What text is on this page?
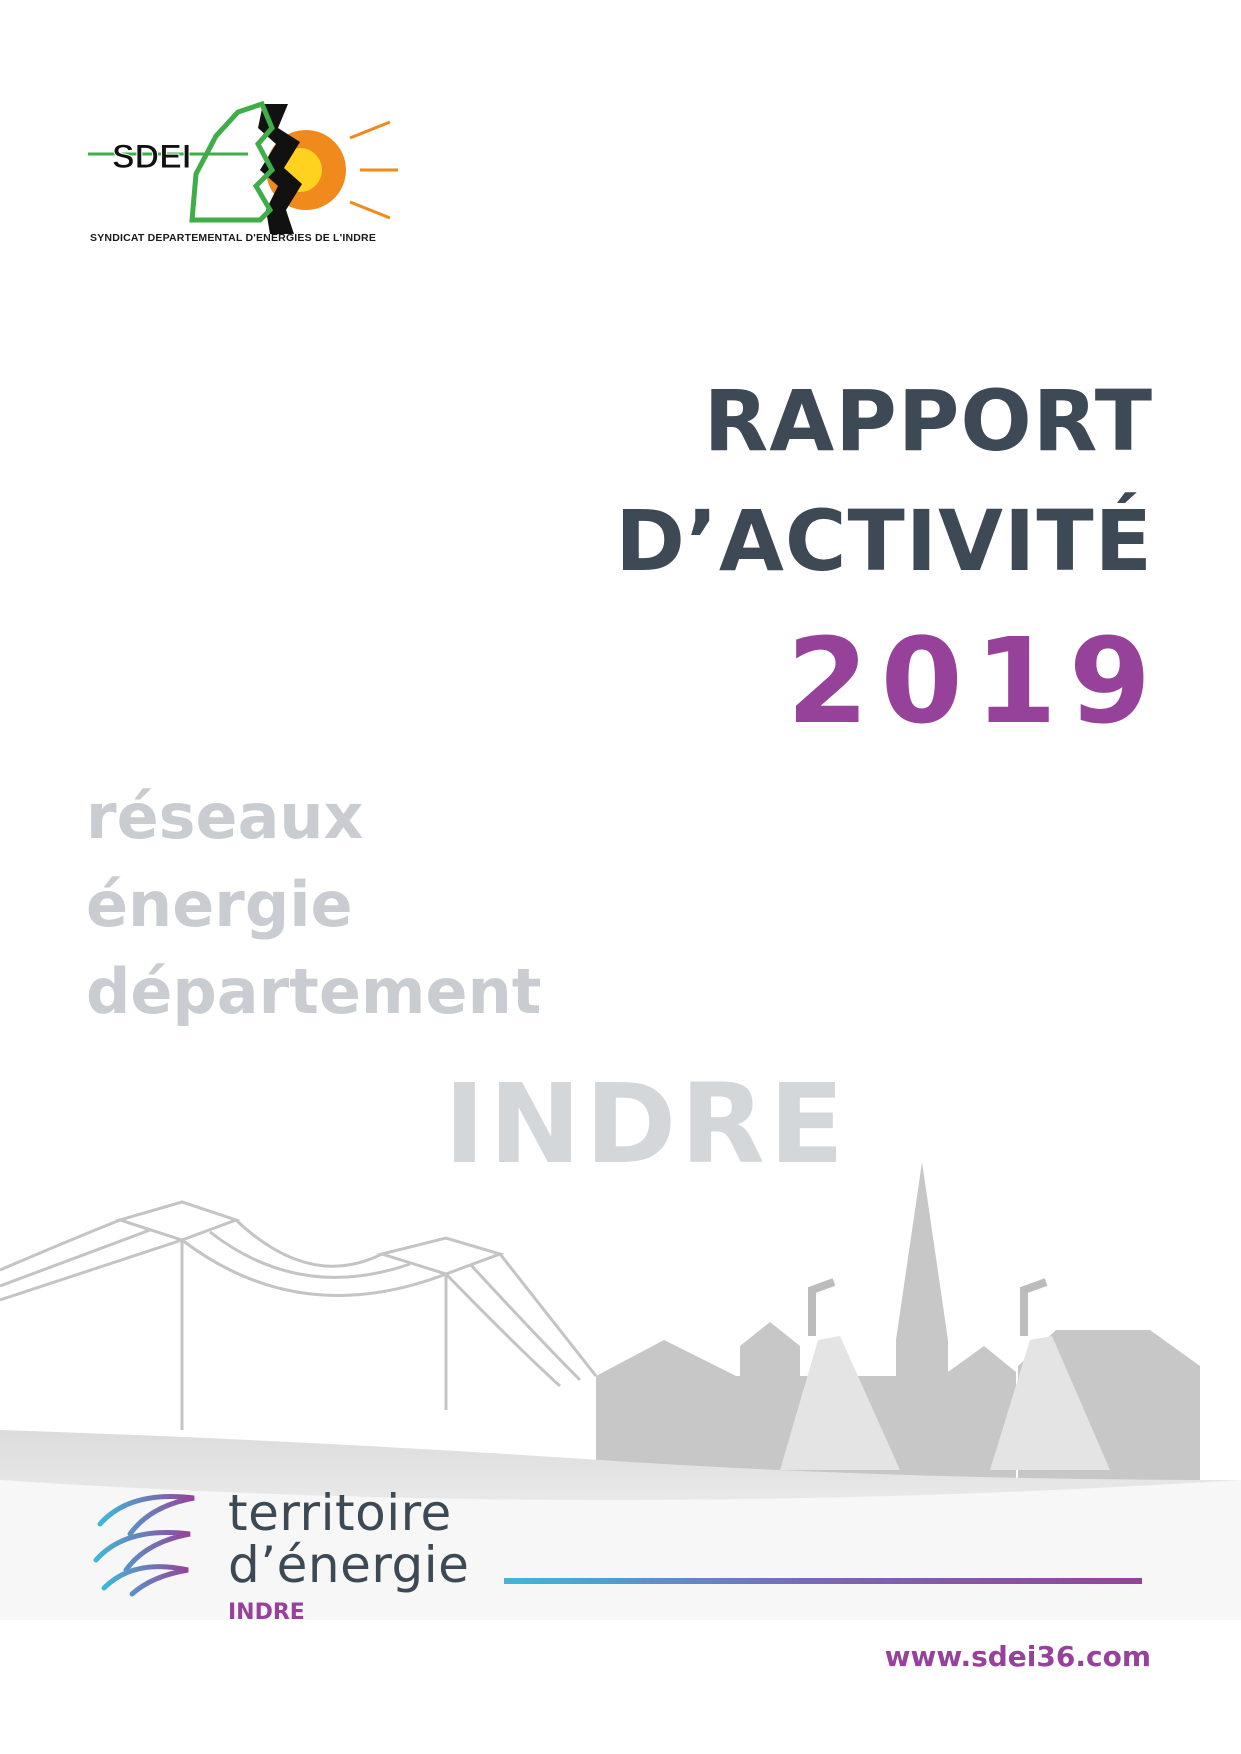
SDEI
SYNDICAT DEPARTEMENTAL D'ENERGIES DE L'INDRE
RAPPORT
D’ACTIVITÉ
2019
réseaux
énergie
département
INDRE
territoire
d’énergie
INDRE
www.sdei36.com
